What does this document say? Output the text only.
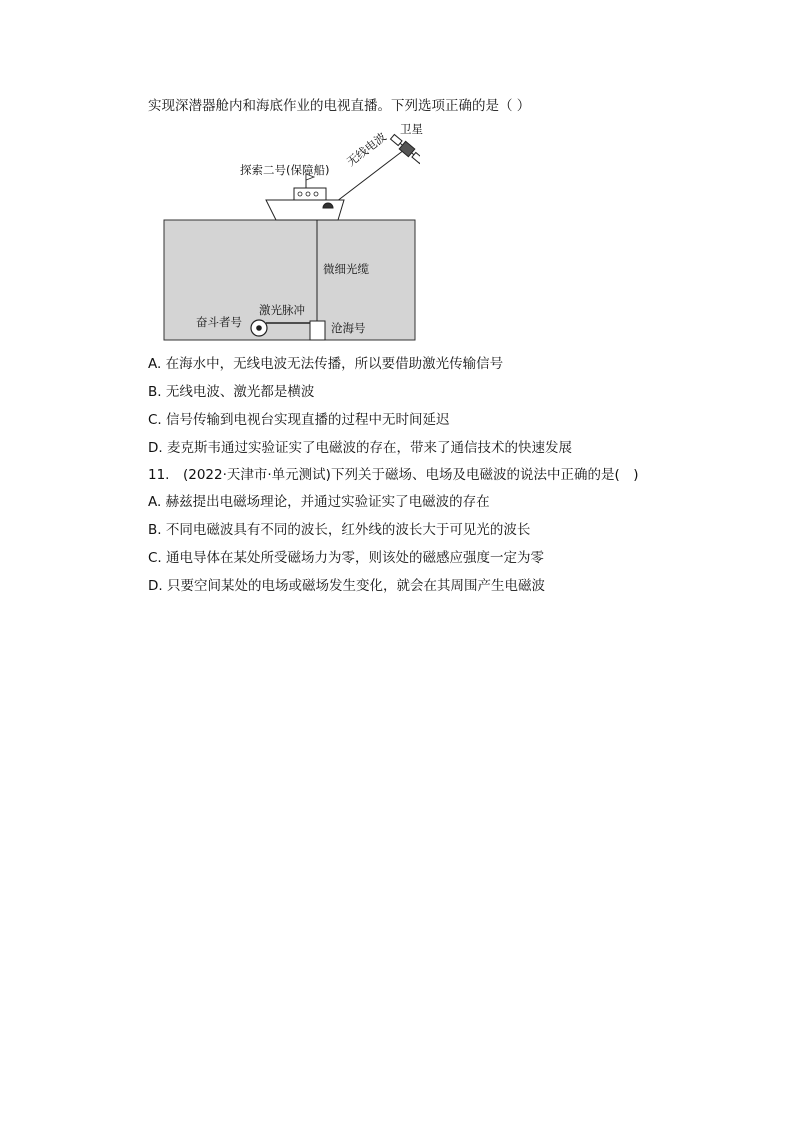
实现深潜器舱内和海底作业的电视直播。下列选项正确的是（ ）
卫星
无线电波
探索二号(保障船)
微细光缆
激光脉冲
奋斗者号	沧海号
A. 在海水中，无线电波无法传播，所以要借助激光传输信号
B. 无线电波、激光都是横波
C. 信号传输到电视台实现直播的过程中无时间延迟
D. 麦克斯韦通过实验证实了电磁波的存在，带来了通信技术的快速发展
11.　(2022·天津市·单元测试)下列关于磁场、电场及电磁波的说法中正确的是(　)
A. 赫兹提出电磁场理论，并通过实验证实了电磁波的存在
B. 不同电磁波具有不同的波长，红外线的波长大于可见光的波长
C. 通电导体在某处所受磁场力为零，则该处的磁感应强度一定为零
D. 只要空间某处的电场或磁场发生变化，就会在其周围产生电磁波
